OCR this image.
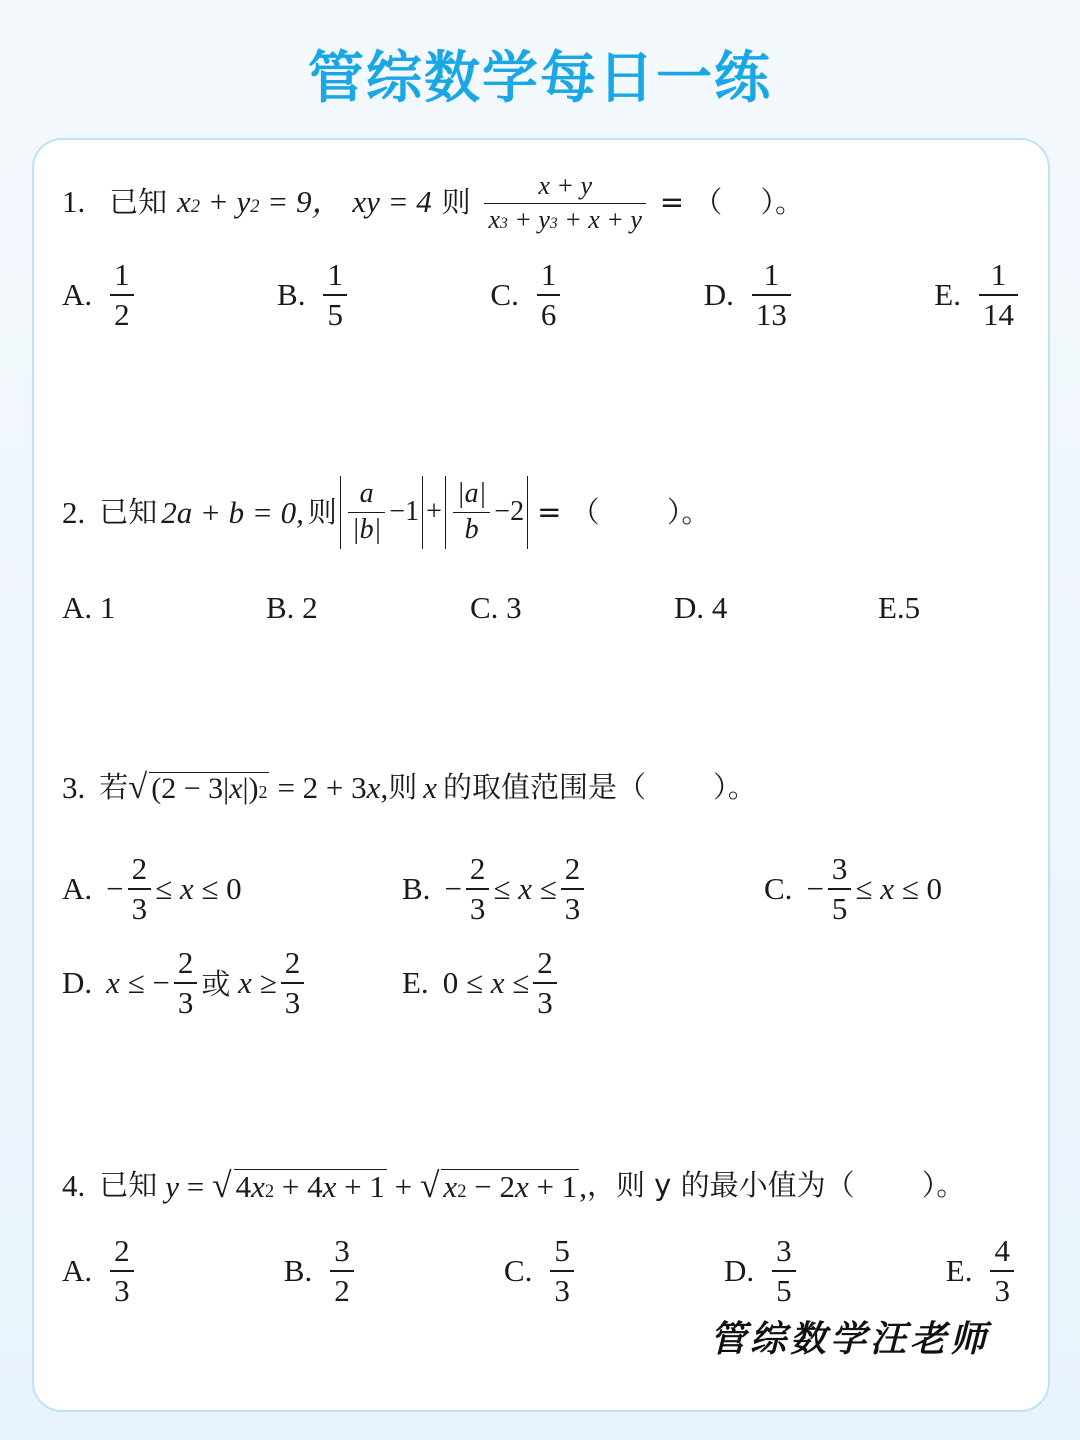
管综数学每日一练
1. 已知 $x^2 + y^2 = 9$， xy = 4 则 $\frac{x + y}{x^3 + y^3 + x + y}$ = （　 ）。
A. $\frac{1}{2}$	B. $\frac{1}{5}$	C. $\frac{1}{6}$	D. $\frac{1}{13}$	E. $\frac{1}{14}$
2. 已知 2a + b = 0, 则 $\frac{a}{|b|} -1 + \frac{|a|}{b} -2$ = （　　 ）。
A. 1	B. 2	C. 3	D. 4	E.5
3. 若 √ $(2 - 3|x|)^2 = 2 + 3x$, 则 x 的取值范围是（　　 ）。
A. − $\frac{2}{3} \le x \le 0$	B. − $\frac{2}{3} \le x \le \frac{2}{3}$	C. − $\frac{3}{5} \le x \le 0$
D. x ≤ − $\frac{2}{3}$ 或 $x \ge \frac{2}{3}$	E. $0 \le x \le \frac{2}{3}$
4. 已知 y = √ $4x^2 + 4x + 1$ + √ $x^2 - 2x + 1$, ，则 y 的最小值为（　　 ）。
A. $\frac{2}{3}$	B. $\frac{3}{2}$	C. $\frac{5}{3}$	D. $\frac{3}{5}$	E. $\frac{4}{3}$
管综数学汪老师
